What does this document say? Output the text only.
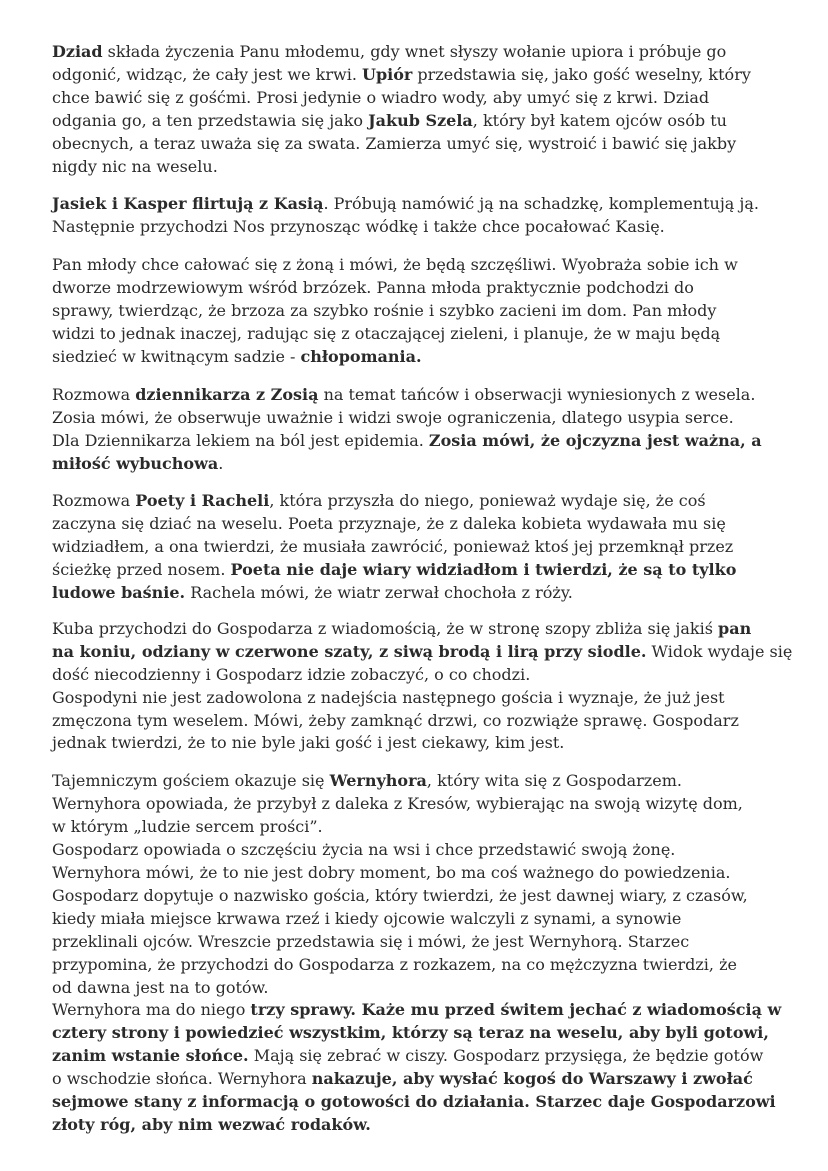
Dziad składa życzenia Panu młodemu, gdy wnet słyszy wołanie upiora i próbuje go
odgonić, widząc, że cały jest we krwi. Upiór przedstawia się, jako gość weselny, który
chce bawić się z gośćmi. Prosi jedynie o wiadro wody, aby umyć się z krwi. Dziad
odgania go, a ten przedstawia się jako Jakub Szela, który był katem ojców osób tu
obecnych, a teraz uważa się za swata. Zamierza umyć się, wystroić i bawić się jakby
nigdy nic na weselu.

Jasiek i Kasper flirtują z Kasią. Próbują namówić ją na schadzkę, komplementują ją.
Następnie przychodzi Nos przynosząc wódkę i także chce pocałować Kasię.

Pan młody chce całować się z żoną i mówi, że będą szczęśliwi. Wyobraża sobie ich w
dworze modrzewiowym wśród brzózek. Panna młoda praktycznie podchodzi do
sprawy, twierdząc, że brzoza za szybko rośnie i szybko zacieni im dom. Pan młody
widzi to jednak inaczej, radując się z otaczającej zieleni, i planuje, że w maju będą
siedzieć w kwitnącym sadzie - chłopomania.

Rozmowa dziennikarza z Zosią na temat tańców i obserwacji wyniesionych z wesela.
Zosia mówi, że obserwuje uważnie i widzi swoje ograniczenia, dlatego usypia serce.
Dla Dziennikarza lekiem na ból jest epidemia. Zosia mówi, że ojczyzna jest ważna, a
miłość wybuchowa.

Rozmowa Poety i Racheli, która przyszła do niego, ponieważ wydaje się, że coś
zaczyna się dziać na weselu. Poeta przyznaje, że z daleka kobieta wydawała mu się
widziadłem, a ona twierdzi, że musiała zawrócić, ponieważ ktoś jej przemknął przez
ścieżkę przed nosem. Poeta nie daje wiary widziadłom i twierdzi, że są to tylko
ludowe baśnie. Rachela mówi, że wiatr zerwał chochoła z róży.

Kuba przychodzi do Gospodarza z wiadomością, że w stronę szopy zbliża się jakiś pan
na koniu, odziany w czerwone szaty, z siwą brodą i lirą przy siodle. Widok wydaje się
dość niecodzienny i Gospodarz idzie zobaczyć, o co chodzi.
Gospodyni nie jest zadowolona z nadejścia następnego gościa i wyznaje, że już jest
zmęczona tym weselem. Mówi, żeby zamknąć drzwi, co rozwiąże sprawę. Gospodarz
jednak twierdzi, że to nie byle jaki gość i jest ciekawy, kim jest.

Tajemniczym gościem okazuje się Wernyhora, który wita się z Gospodarzem.
Wernyhora opowiada, że przybył z daleka z Kresów, wybierając na swoją wizytę dom,
w którym „ludzie sercem prości”.
Gospodarz opowiada o szczęściu życia na wsi i chce przedstawić swoją żonę.
Wernyhora mówi, że to nie jest dobry moment, bo ma coś ważnego do powiedzenia.
Gospodarz dopytuje o nazwisko gościa, który twierdzi, że jest dawnej wiary, z czasów,
kiedy miała miejsce krwawa rzeź i kiedy ojcowie walczyli z synami, a synowie
przeklinali ojców. Wreszcie przedstawia się i mówi, że jest Wernyhorą. Starzec
przypomina, że przychodzi do Gospodarza z rozkazem, na co mężczyzna twierdzi, że
od dawna jest na to gotów.
Wernyhora ma do niego trzy sprawy. Każe mu przed świtem jechać z wiadomością w
cztery strony i powiedzieć wszystkim, którzy są teraz na weselu, aby byli gotowi,
zanim wstanie słońce. Mają się zebrać w ciszy. Gospodarz przysięga, że będzie gotów
o wschodzie słońca. Wernyhora nakazuje, aby wysłać kogoś do Warszawy i zwołać
sejmowe stany z informacją o gotowości do działania. Starzec daje Gospodarzowi
złoty róg, aby nim wezwać rodaków.
